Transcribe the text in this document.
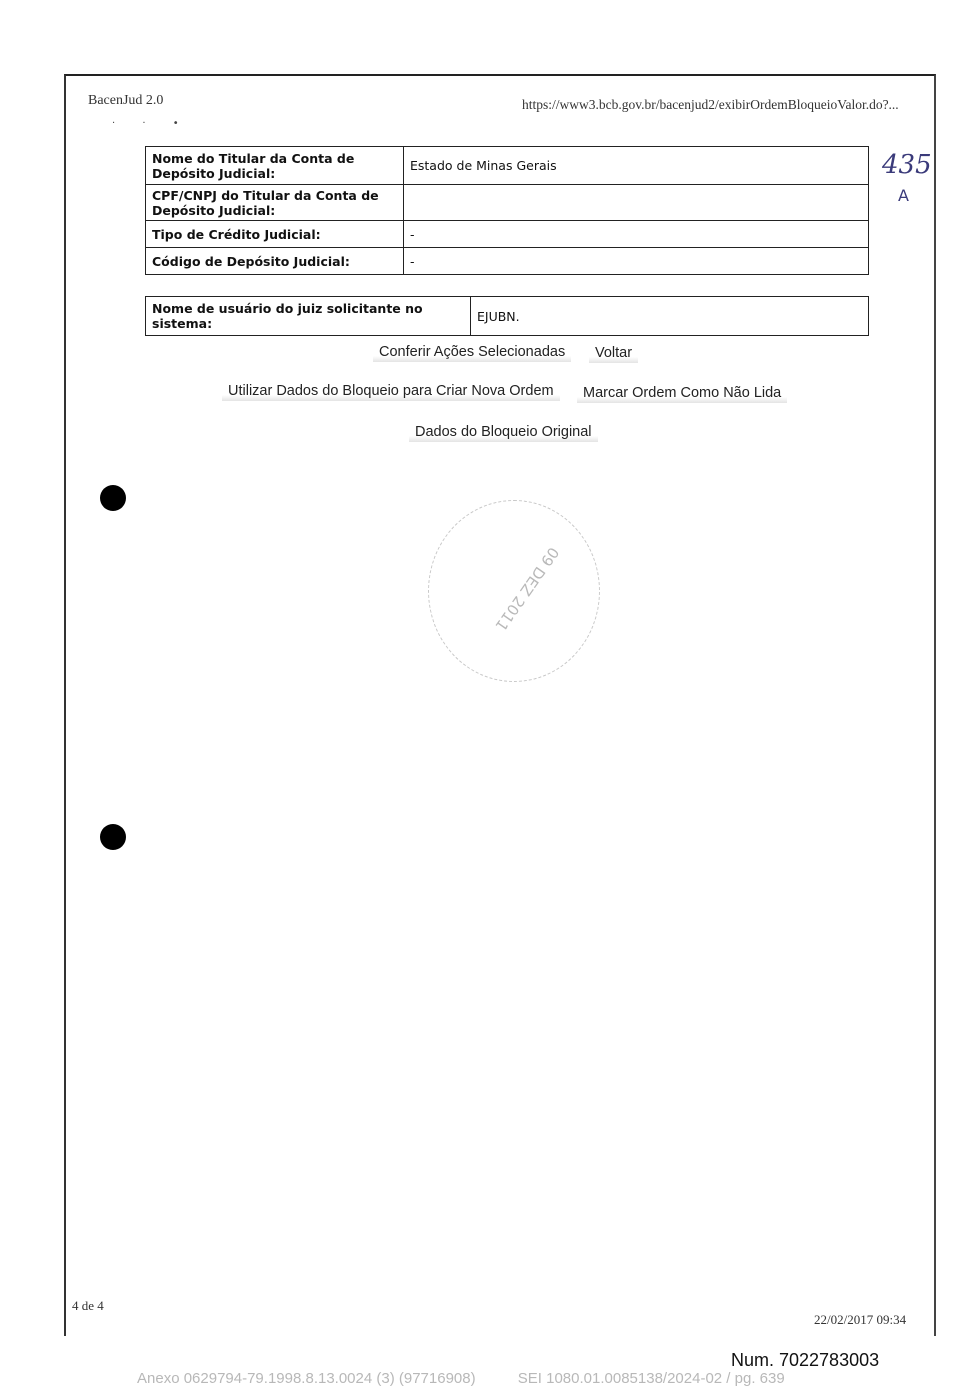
BacenJud 2.0	https://www3.bcb.gov.br/bacenjud2/exibirOrdemBloqueioValor.do?...
· · •
Nome do Titular da Conta de Depósito Judicial:	Estado de Minas Gerais
CPF/CNPJ do Titular da Conta de Depósito Judicial:	
Tipo de Crédito Judicial:	-
Código de Depósito Judicial:	-
Nome de usuário do juiz solicitante no sistema:	EJUBN.
Conferir Ações Selecionadas	Voltar
Utilizar Dados do Bloqueio para Criar Nova Ordem	Marcar Ordem Como Não Lida
Dados do Bloqueio Original
435
A
09 DEZ 2011
4 de 4
22/02/2017 09:34
Num. 7022783003
Anexo 0629794-79.1998.8.13.0024 (3) (97716908)	SEI 1080.01.0085138/2024-02 / pg. 639
